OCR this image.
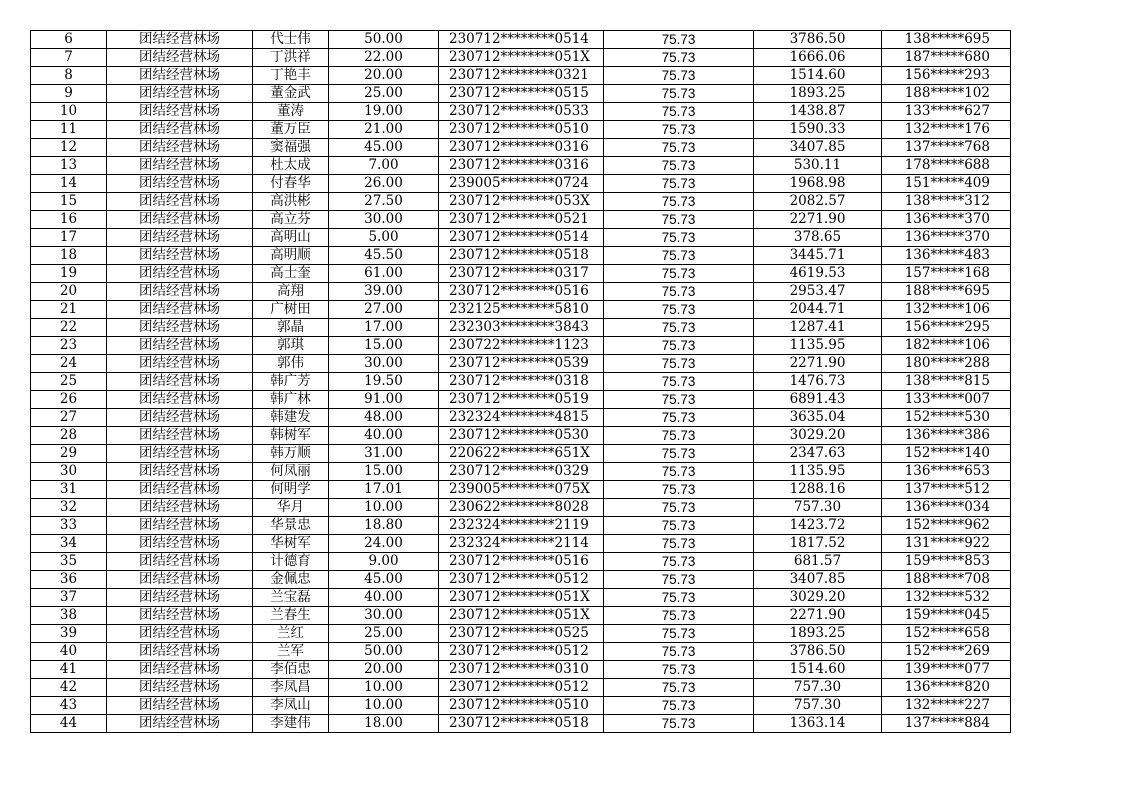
6	团结经营林场	代士伟	50.00	230712********0514	75.73	3786.50	138*****695
7	团结经营林场	丁洪祥	22.00	230712********051X	75.73	1666.06	187*****680
8	团结经营林场	丁艳丰	20.00	230712********0321	75.73	1514.60	156*****293
9	团结经营林场	董金武	25.00	230712********0515	75.73	1893.25	188*****102
10	团结经营林场	董涛	19.00	230712********0533	75.73	1438.87	133*****627
11	团结经营林场	董万臣	21.00	230712********0510	75.73	1590.33	132*****176
12	团结经营林场	窦福强	45.00	230712********0316	75.73	3407.85	137*****768
13	团结经营林场	杜太成	7.00	230712********0316	75.73	530.11	178*****688
14	团结经营林场	付春华	26.00	239005********0724	75.73	1968.98	151*****409
15	团结经营林场	高洪彬	27.50	230712********053X	75.73	2082.57	138*****312
16	团结经营林场	高立芬	30.00	230712********0521	75.73	2271.90	136*****370
17	团结经营林场	高明山	5.00	230712********0514	75.73	378.65	136*****370
18	团结经营林场	高明顺	45.50	230712********0518	75.73	3445.71	136*****483
19	团结经营林场	高士奎	61.00	230712********0317	75.73	4619.53	157*****168
20	团结经营林场	高翔	39.00	230712********0516	75.73	2953.47	188*****695
21	团结经营林场	广树田	27.00	232125********5810	75.73	2044.71	132*****106
22	团结经营林场	郭晶	17.00	232303********3843	75.73	1287.41	156*****295
23	团结经营林场	郭琪	15.00	230722********1123	75.73	1135.95	182*****106
24	团结经营林场	郭伟	30.00	230712********0539	75.73	2271.90	180*****288
25	团结经营林场	韩广芳	19.50	230712********0318	75.73	1476.73	138*****815
26	团结经营林场	韩广林	91.00	230712********0519	75.73	6891.43	133*****007
27	团结经营林场	韩建发	48.00	232324********4815	75.73	3635.04	152*****530
28	团结经营林场	韩树军	40.00	230712********0530	75.73	3029.20	136*****386
29	团结经营林场	韩万顺	31.00	220622********651X	75.73	2347.63	152*****140
30	团结经营林场	何凤丽	15.00	230712********0329	75.73	1135.95	136*****653
31	团结经营林场	何明学	17.01	239005********075X	75.73	1288.16	137*****512
32	团结经营林场	华月	10.00	230622********8028	75.73	757.30	136*****034
33	团结经营林场	华景忠	18.80	232324********2119	75.73	1423.72	152*****962
34	团结经营林场	华树军	24.00	232324********2114	75.73	1817.52	131*****922
35	团结经营林场	计德育	9.00	230712********0516	75.73	681.57	159*****853
36	团结经营林场	金佩忠	45.00	230712********0512	75.73	3407.85	188*****708
37	团结经营林场	兰宝磊	40.00	230712********051X	75.73	3029.20	132*****532
38	团结经营林场	兰春生	30.00	230712********051X	75.73	2271.90	159*****045
39	团结经营林场	兰红	25.00	230712********0525	75.73	1893.25	152*****658
40	团结经营林场	兰军	50.00	230712********0512	75.73	3786.50	152*****269
41	团结经营林场	李佰忠	20.00	230712********0310	75.73	1514.60	139*****077
42	团结经营林场	李凤昌	10.00	230712********0512	75.73	757.30	136*****820
43	团结经营林场	李凤山	10.00	230712********0510	75.73	757.30	132*****227
44	团结经营林场	李建伟	18.00	230712********0518	75.73	1363.14	137*****884
